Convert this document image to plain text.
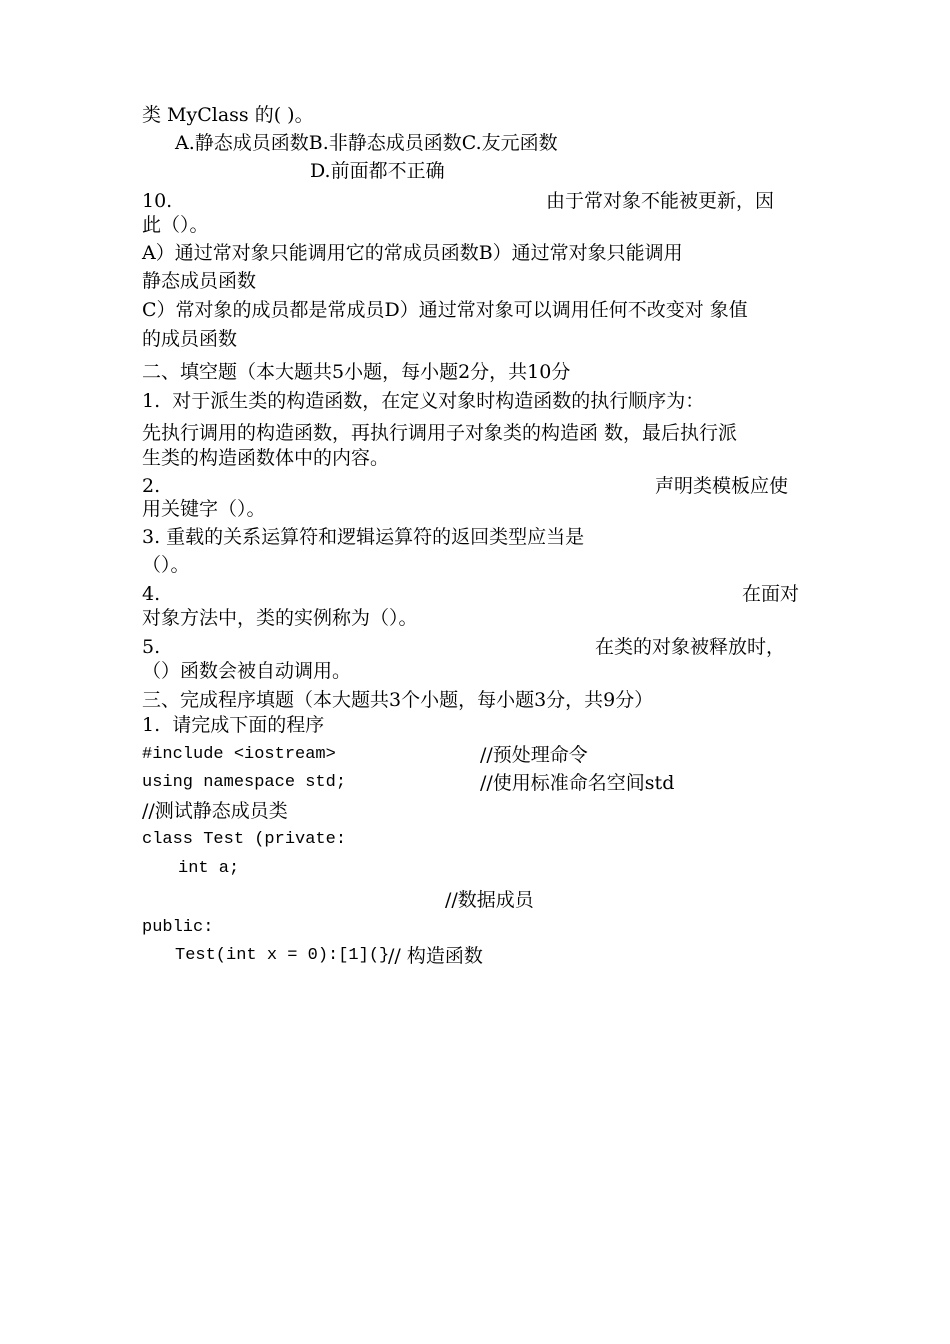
类 MyClass 的( )。
A.静态成员函数B.非静态成员函数C.友元函数
D.前面都不正确
10.	由于常对象不能被更新，因
此（）。
A）通过常对象只能调用它的常成员函数B）通过常对象只能调用
静态成员函数
C）常对象的成员都是常成员D）通过常对象可以调用任何不改变对 象值
的成员函数
二、填空题（本大题共5小题，每小题2分，共10分
1.  对于派生类的构造函数，在定义对象时构造函数的执行顺序为：
先执行调用的构造函数，再执行调用子对象类的构造函 数，最后执行派
生类的构造函数体中的内容。
2.	声明类模板应使
用关键字（）。
3. 重载的关系运算符和逻辑运算符的返回类型应当是
（）。
4.	在面对
对象方法中，类的实例称为（）。
5.	在类的对象被释放时，
（）函数会被自动调用。
三、完成程序填题（本大题共3个小题，每小题3分，共9分）
1.  请完成下面的程序
#include <iostream>	//预处理命令
using namespace std;	//使用标准命名空间std
//测试静态成员类
class Test (private:
int a;
//数据成员
public:
Test(int x = 0):[1](}
// 构造函数
